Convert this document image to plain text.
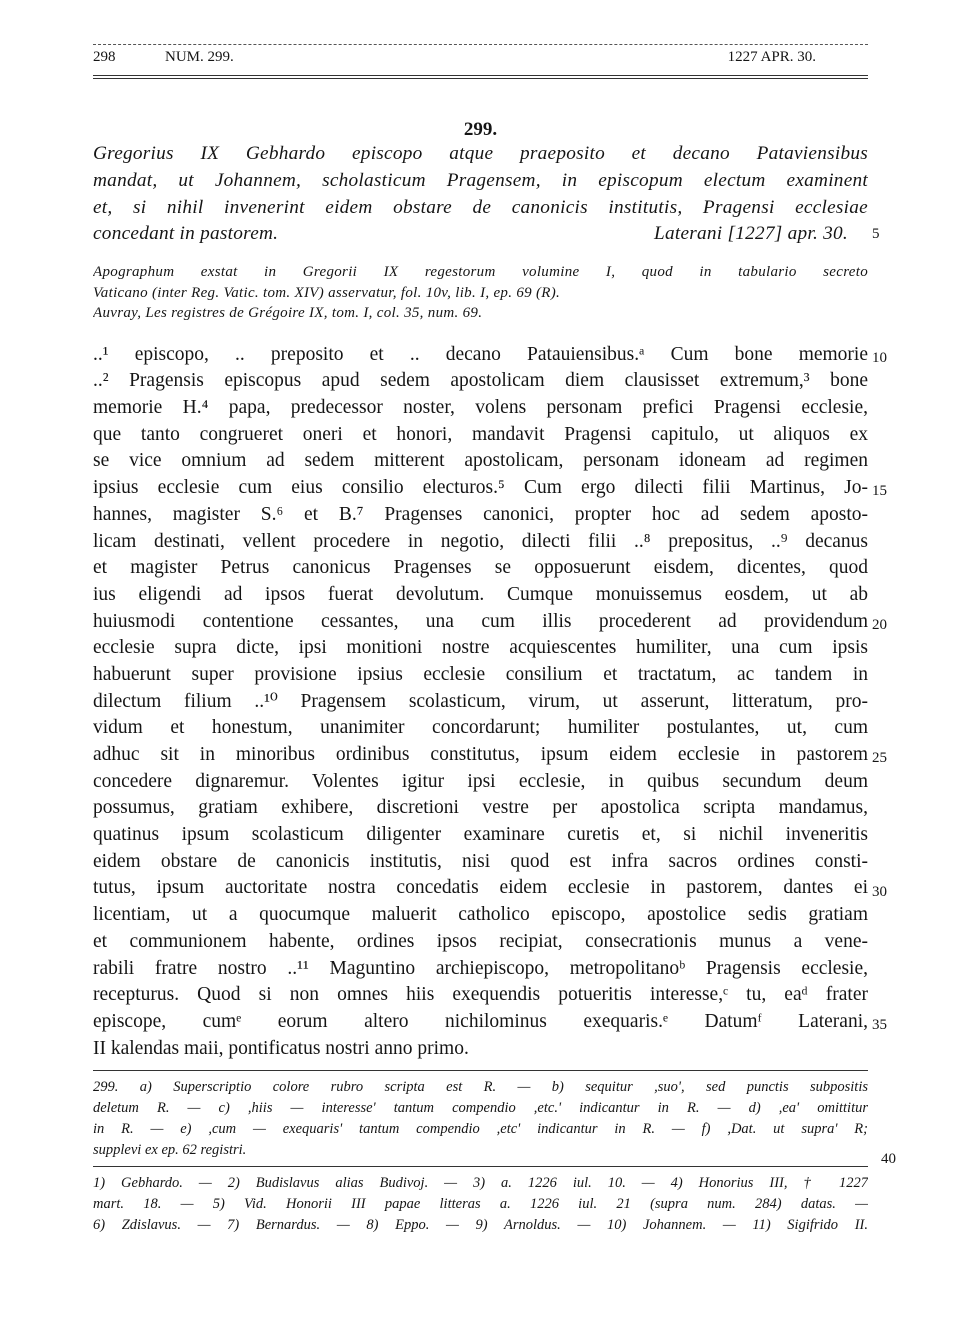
298	NUM. 299.	1227 APR. 30.
299.
Gregorius IX Gebhardo episcopo atque praeposito et decano Pataviensibus
mandat, ut Johannem, scholasticum Pragensem, in episcopum electum examinent
et, si nihil invenerint eidem obstare de canonicis institutis, Pragensi ecclesiae
concedant in pastorem.	Laterani [1227] apr. 30. 5
Apographum exstat in Gregorii IX regestorum volumine I, quod in tabulario secreto
Vaticano (inter Reg. Vatic. tom. XIV) asservatur, fol. 10v, lib. I, ep. 69 (R).
Auvray, Les registres de Grégoire IX, tom. I, col. 35, num. 69.
..¹ episcopo, .. preposito et .. decano Patauiensibus.ᵃ Cum bone memorie
..² Pragensis episcopus apud sedem apostolicam diem clausisset extremum,³ bone
memorie H.⁴ papa, predecessor noster, volens personam prefici Pragensi ecclesie,
que tanto congrueret oneri et honori, mandavit Pragensi capitulo, ut aliquos ex
se vice omnium ad sedem mitterent apostolicam, personam idoneam ad regimen
ipsius ecclesie cum eius consilio electuros.⁵ Cum ergo dilecti filii Martinus, Jo-
hannes, magister S.⁶ et B.⁷ Pragenses canonici, propter hoc ad sedem aposto-
licam destinati, vellent procedere in negotio, dilecti filii ..⁸ prepositus, ..⁹ decanus
et magister Petrus canonicus Pragenses se opposuerunt eisdem, dicentes, quod
ius eligendi ad ipsos fuerat devolutum. Cumque monuissemus eosdem, ut ab
huiusmodi contentione cessantes, una cum illis procederent ad providendum
ecclesie supra dicte, ipsi monitioni nostre acquiescentes humiliter, una cum ipsis
habuerunt super provisione ipsius ecclesie consilium et tractatum, ac tandem in
dilectum filium ..¹⁰ Pragensem scolasticum, virum, ut asserunt, litteratum, pro-
vidum et honestum, unanimiter concordarunt; humiliter postulantes, ut, cum
adhuc sit in minoribus ordinibus constitutus, ipsum eidem ecclesie in pastorem
concedere dignaremur. Volentes igitur ipsi ecclesie, in quibus secundum deum
possumus, gratiam exhibere, discretioni vestre per apostolica scripta mandamus,
quatinus ipsum scolasticum diligenter examinare curetis et, si nichil inveneritis
eidem obstare de canonicis institutis, nisi quod est infra sacros ordines consti-
tutus, ipsum auctoritate nostra concedatis eidem ecclesie in pastorem, dantes ei
licentiam, ut a quocumque maluerit catholico episcopo, apostolice sedis gratiam
et communionem habente, ordines ipsos recipiat, consecrationis munus a vene-
rabili fratre nostro ..¹¹ Maguntino archiepiscopo, metropolitanoᵇ Pragensis ecclesie,
recepturus. Quod si non omnes hiis exequendis potueritis interesse,ᶜ tu, eaᵈ frater
episcope, cumᵉ eorum altero nichilominus exequaris.ᵉ Datumᶠ Laterani,
II kalendas maii, pontificatus nostri anno primo.
10
15
20
25
30
35
299. a) Superscriptio colore rubro scripta est R. — b) sequitur ,suo', sed punctis subpositis
deletum R. — c) ,hiis — interesse' tantum compendio ,etc.' indicantur in R. — d) ,ea' omittitur
in R. — e) ,cum — exequaris' tantum compendio ,etc' indicantur in R. — f) ,Dat. ut supra' R;
supplevi ex ep. 62 registri.
40
1) Gebhardo. — 2) Budislavus alias Budivoj. — 3) a. 1226 iul. 10. — 4) Honorius III, † 1227
mart. 18. — 5) Vid. Honorii III papae litteras a. 1226 iul. 21 (supra num. 284) datas. —
6) Zdislavus. — 7) Bernardus. — 8) Eppo. — 9) Arnoldus. — 10) Johannem. — 11) Sigifrido II.
